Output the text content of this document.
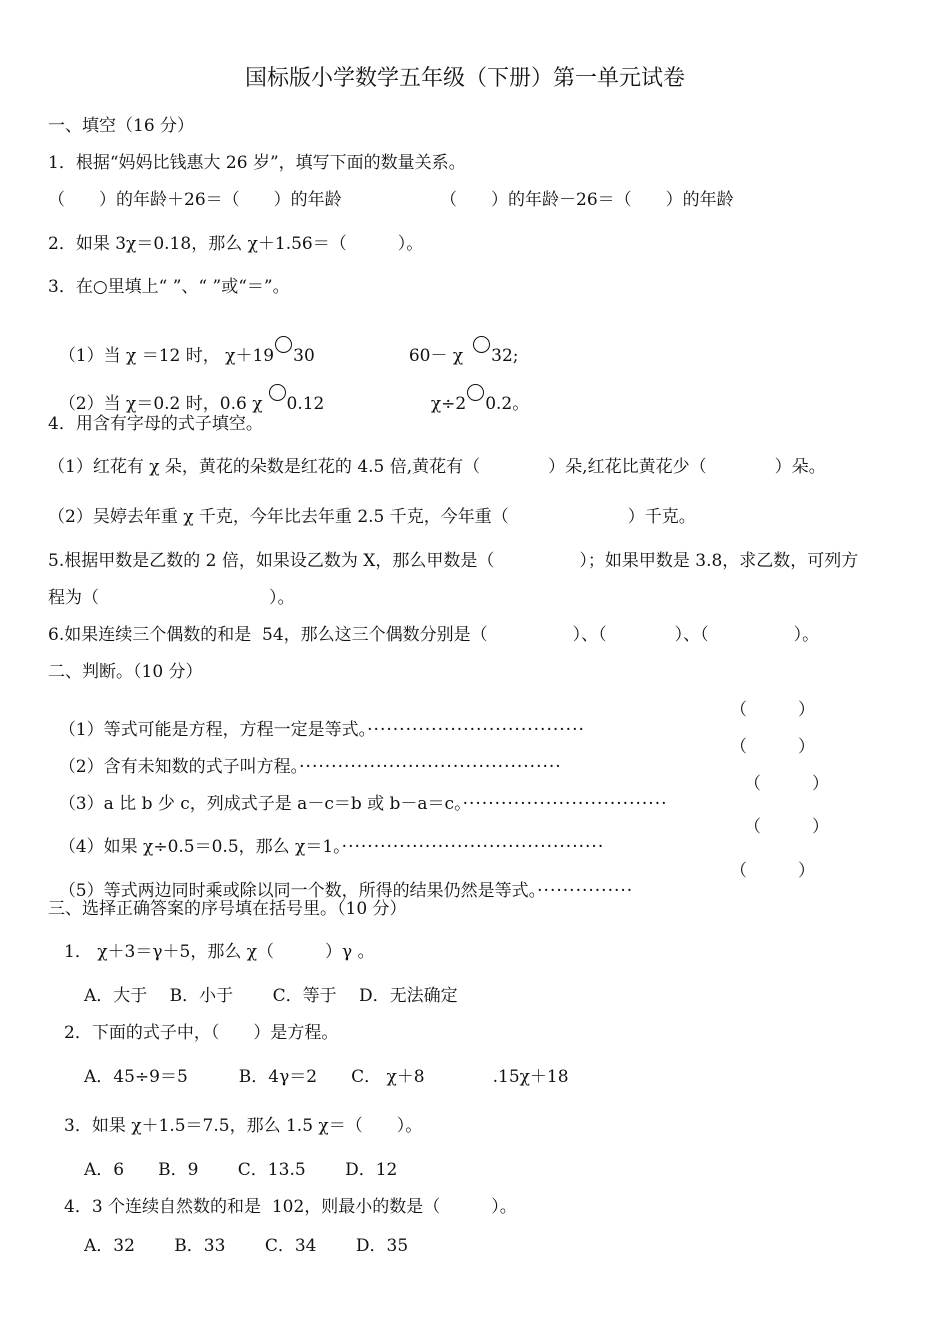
国标版小学数学五年级（下册）第一单元试卷
一、填空（16 分）
1．根据“妈妈比钱惠大 26 岁”，填写下面的数量关系。
（　　）的年龄＋26＝（　　）的年龄	（　　）的年龄－26＝（　　）的年龄
2．如果 3χ＝0.18，那么 χ＋1.56＝（　　　）。
3．在○里填上“ ”、“ ”或“＝”。

（1）当 χ ＝12 时， χ＋19 30	60－ χ 32;

（2）当 χ＝0.2 时，0.6 χ 0.12	χ÷2 0.2。

4．用含有字母的式子填空。
（1）红花有 χ 朵，黄花的朵数是红花的 4.5 倍,黄花有（　　　　）朵,红花比黄花少（　　　　）朵。
（2）吴婷去年重 χ 千克，今年比去年重 2.5 千克，今年重（　　　　　　　）千克。
5.根据甲数是乙数的 2 倍，如果设乙数为 X，那么甲数是（　　　　　）；如果甲数是 3.8，求乙数，可列方
程为（　　　　　　　　　　）。
6.如果连续三个偶数的和是  54，那么这三个偶数分别是（　　　　　）、（　　　　）、（　　　　　）。
二、判断。（10 分）

（1）等式可能是方程，方程一定是等式。··································

（　　　）

（2）含有未知数的式子叫方程。·········································

（　　　）

（3）a 比 b 少 c，列成式子是 a－c＝b 或 b－a＝c。································

（　　　）

（4）如果 χ÷0.5＝0.5，那么 χ＝1。·········································

（　　　）

（5）等式两边同时乘或除以同一个数，所得的结果仍然是等式。···············

（　　　）
三、选择正确答案的序号填在括号里。（10 分）
1． χ＋3＝γ＋5，那么 χ（　　　）γ 。
A．大于　 B．小于　　 C．等于　 D．无法确定
2．下面的式子中，（　　）是方程。
A．45÷9＝5　　　B．4γ＝2　　C． χ＋8　　　　.15χ＋18
3．如果 χ＋1.5＝7.5，那么 1.5 χ＝（　　）。
A．6　　B．9　　 C．13.5　　 D．12
4．3 个连续自然数的和是  102，则最小的数是（　　　）。
A．32　　 B．33　　 C．34　　 D．35
